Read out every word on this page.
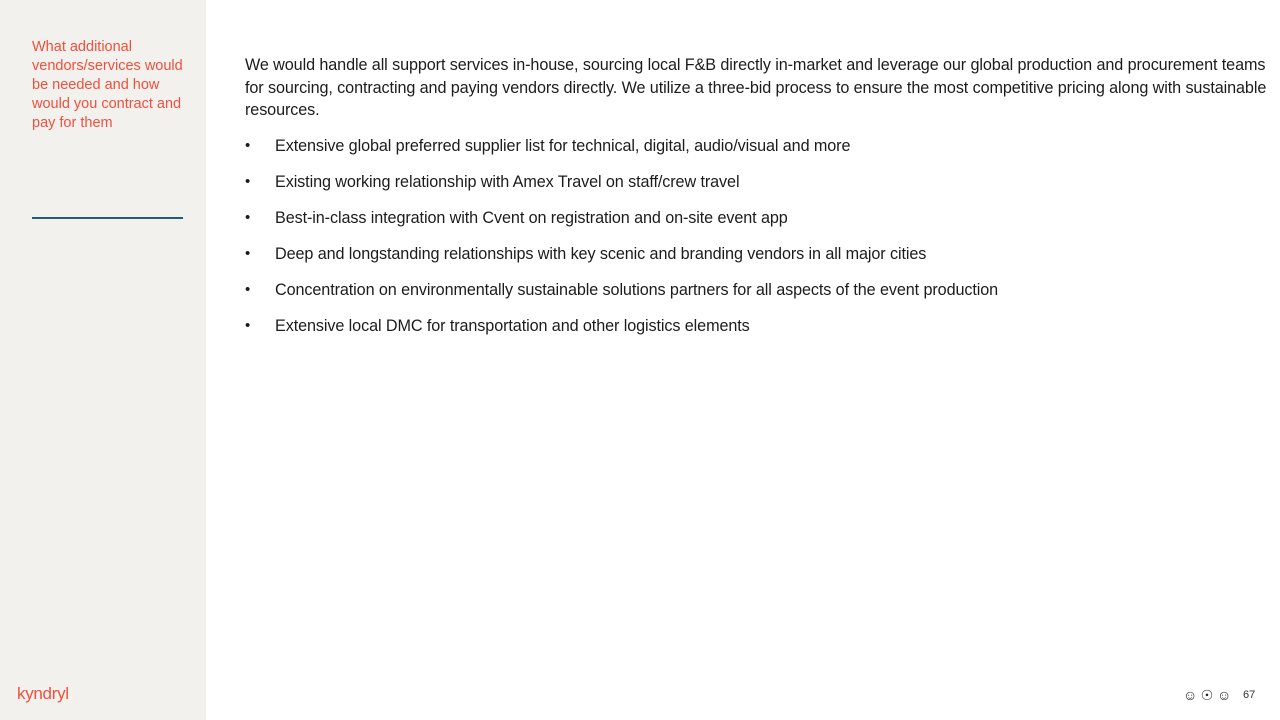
What additional vendors/services would be needed and how would you contract and pay for them
kyndryl

We would handle all support services in-house, sourcing local F&B directly in-market and leverage our global production and procurement teams for sourcing, contracting and paying vendors directly. We utilize a three-bid process to ensure the most competitive pricing along with sustainable resources.

• Extensive global preferred supplier list for technical, digital, audio/visual and more
• Existing working relationship with Amex Travel on staff/crew travel
• Best-in-class integration with Cvent on registration and on-site event app
• Deep and longstanding relationships with key scenic and branding vendors in all major cities
• Concentration on environmentally sustainable solutions partners for all aspects of the event production
• Extensive local DMC for transportation and other logistics elements
☺ ☉ ☺ 67
